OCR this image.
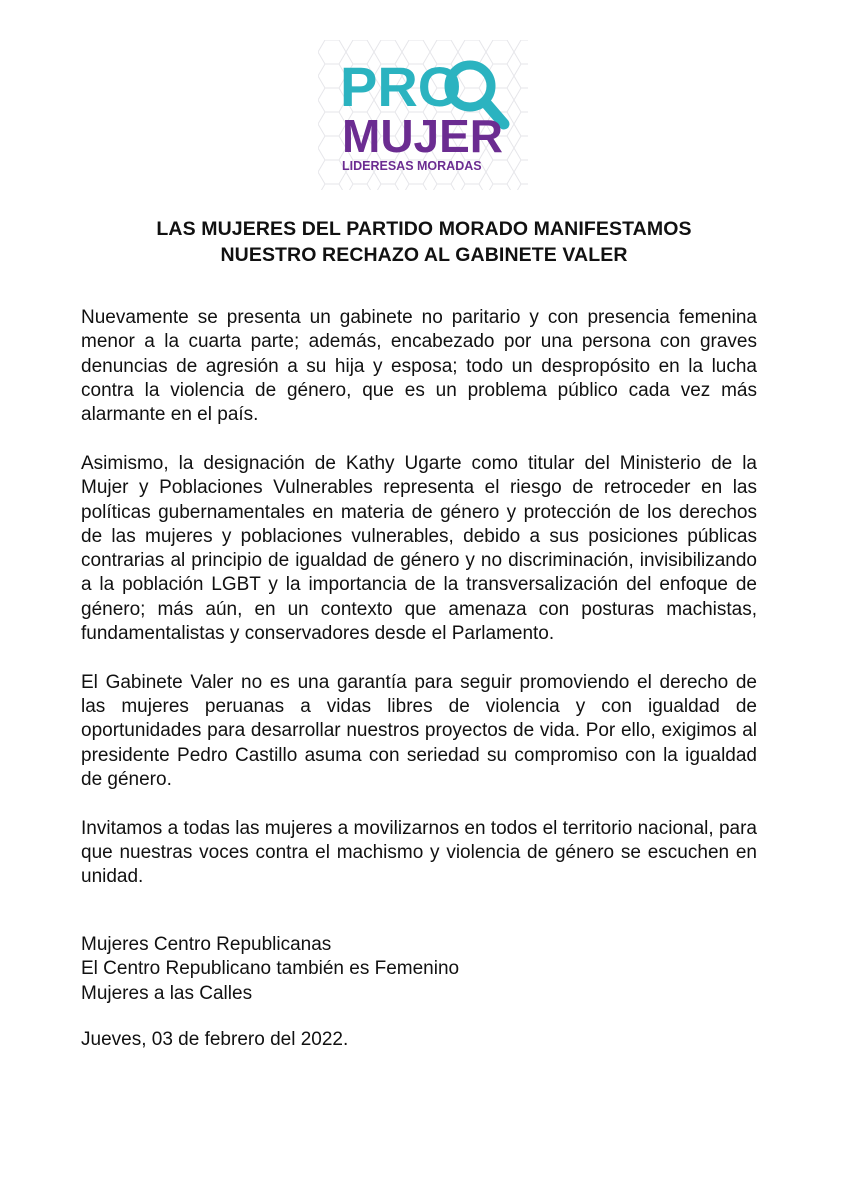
PRO
MUJER
LIDERESAS MORADAS
LAS MUJERES DEL PARTIDO MORADO MANIFESTAMOS
NUESTRO RECHAZO AL GABINETE VALER

Nuevamente se presenta un gabinete no paritario y con presencia femenina menor a la cuarta parte; además, encabezado por una persona con graves denuncias de agresión a su hija y esposa; todo un despropósito en la lucha contra la violencia de género, que es un problema público cada vez más alarmante en el país.

Asimismo, la designación de Kathy Ugarte como titular del Ministerio de la Mujer y Poblaciones Vulnerables representa el riesgo de retroceder en las políticas gubernamentales en materia de género y protección de los derechos de las mujeres y poblaciones vulnerables, debido a sus posiciones públicas contrarias al principio de igualdad de género y no discriminación, invisibilizando a la población LGBT y la importancia de la transversalización del enfoque de género; más aún, en un contexto que amenaza con posturas machistas, fundamentalistas y conservadores desde el Parlamento.

El Gabinete Valer no es una garantía para seguir promoviendo el derecho de las mujeres peruanas a vidas libres de violencia y con igualdad de oportunidades para desarrollar nuestros proyectos de vida. Por ello, exigimos al presidente Pedro Castillo asuma con seriedad su compromiso con la igualdad de género.

Invitamos a todas las mujeres a movilizarnos en todos el territorio nacional, para que nuestras voces contra el machismo y violencia de género se escuchen en unidad.

Mujeres Centro Republicanas
El Centro Republicano también es Femenino
Mujeres a las Calles
Jueves, 03 de febrero del 2022.
